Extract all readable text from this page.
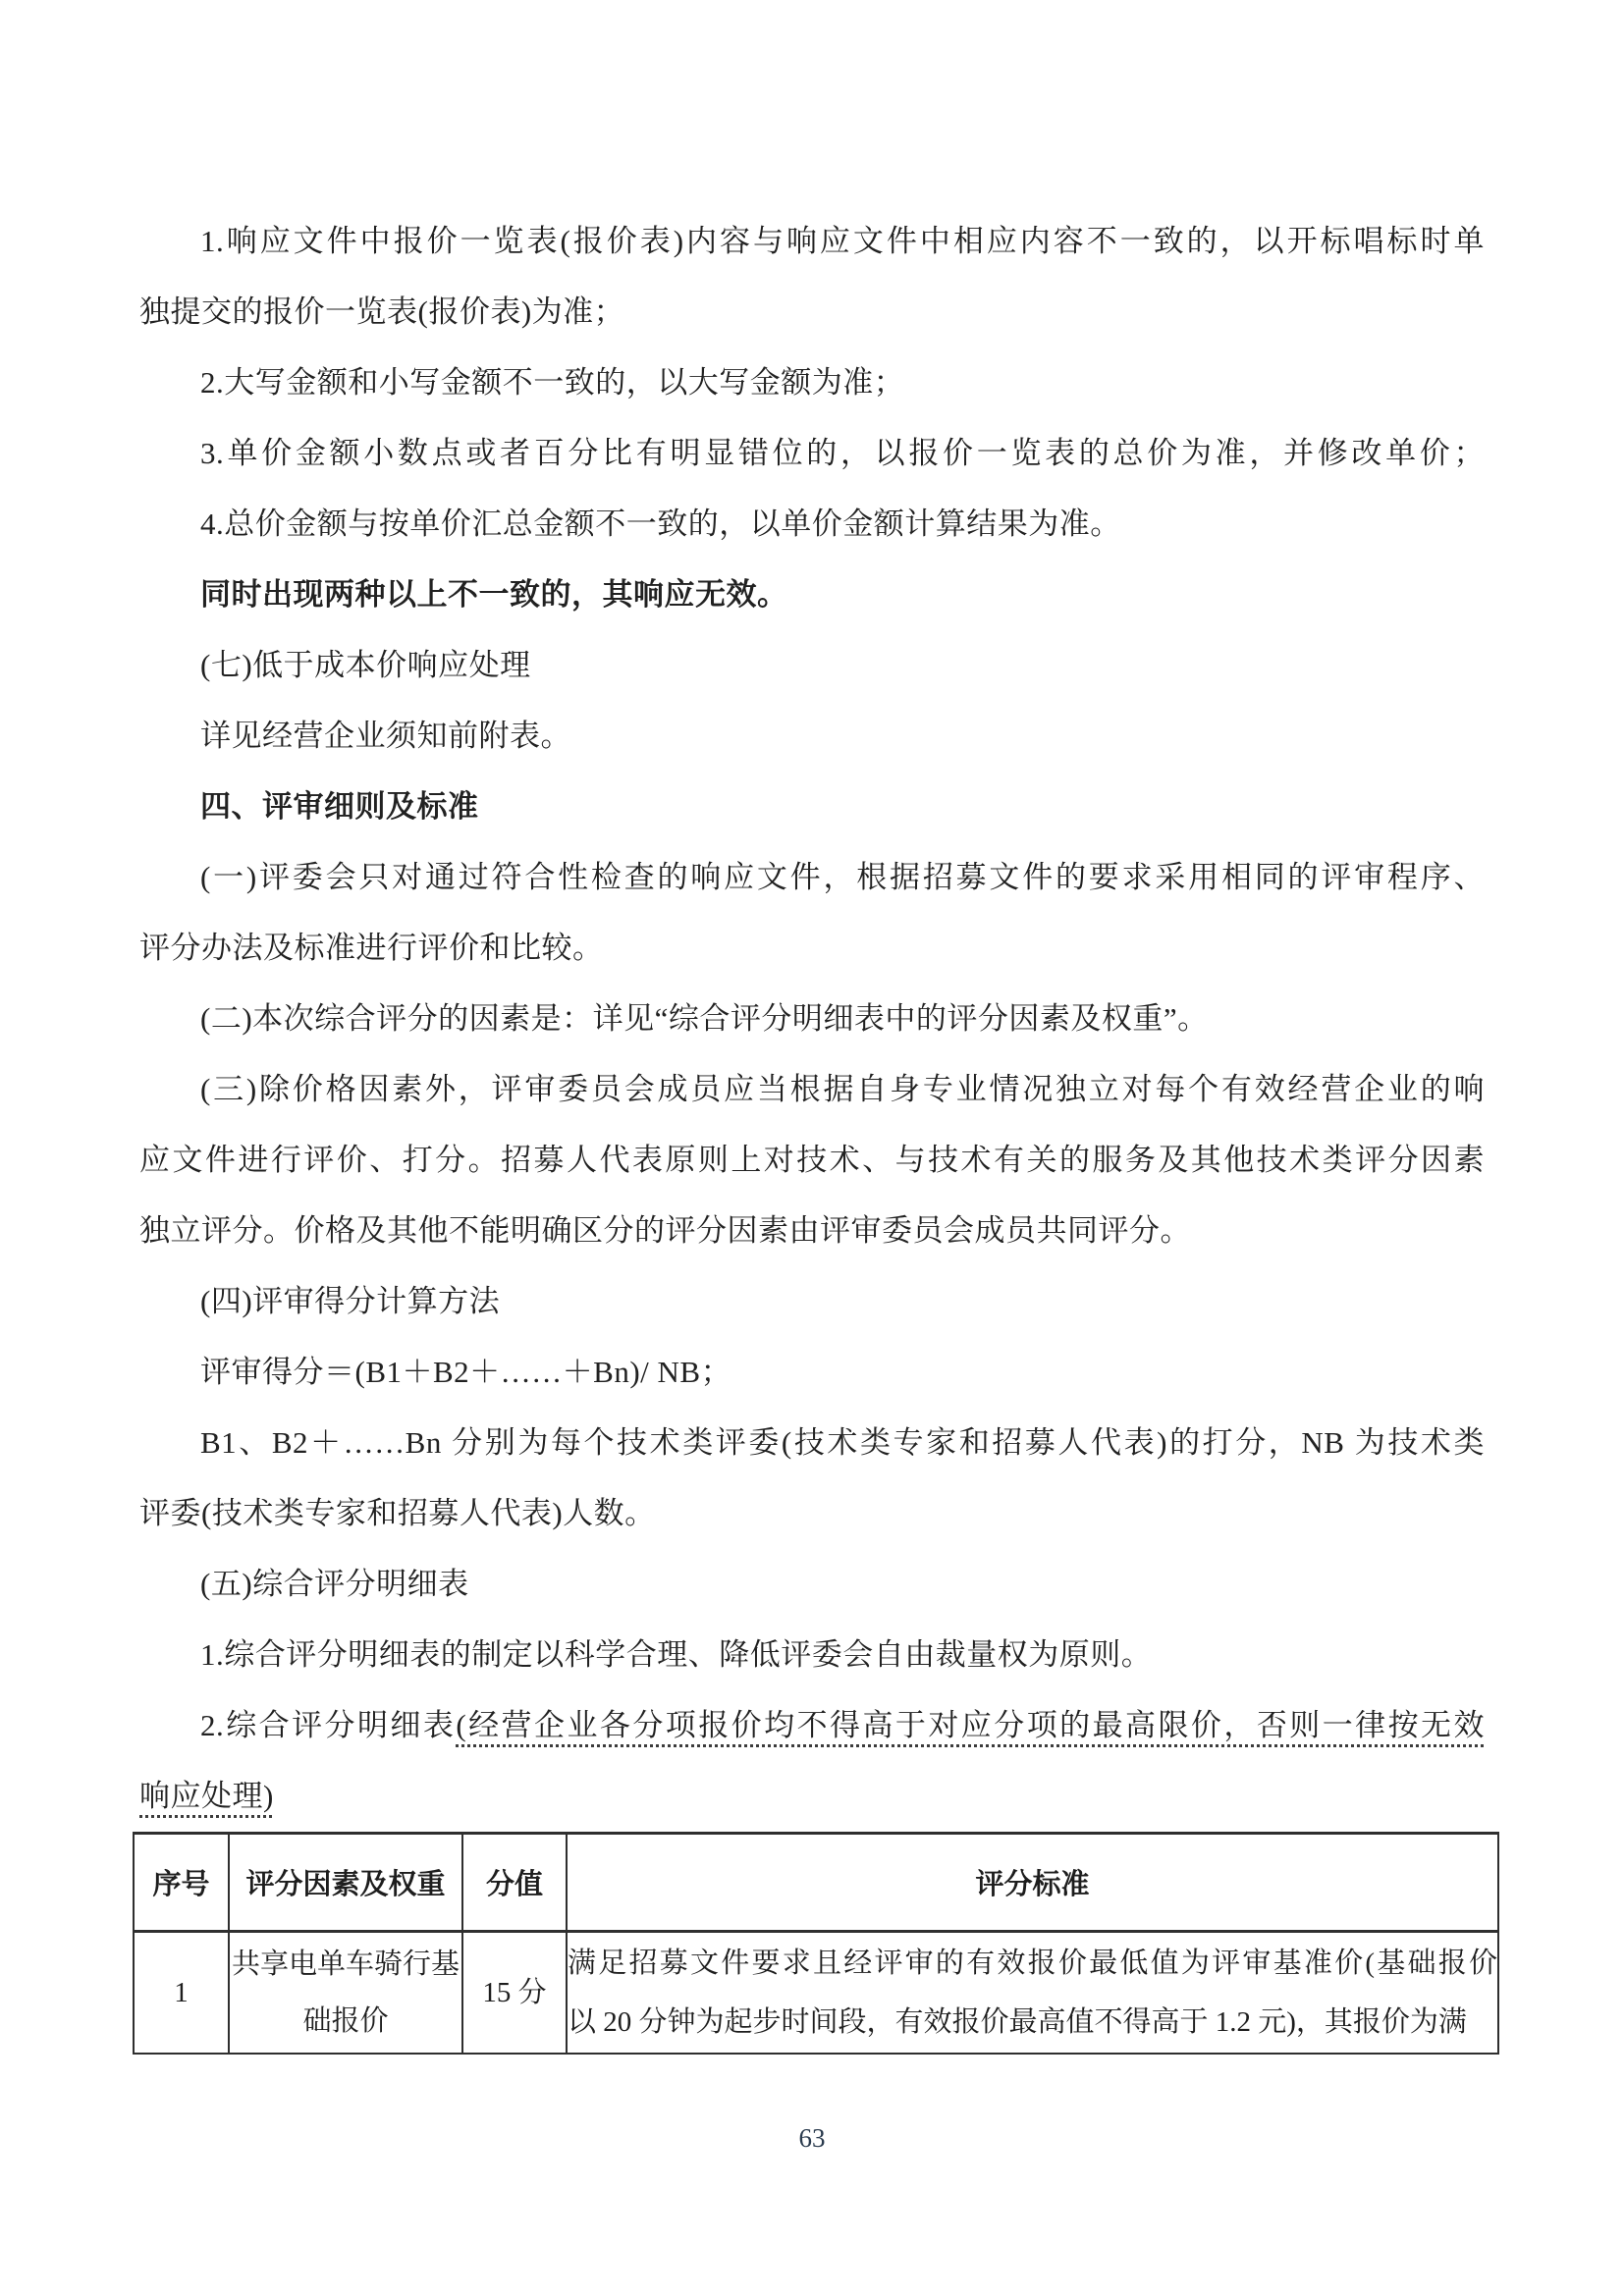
1.响应文件中报价一览表(报价表)内容与响应文件中相应内容不一致的，以开标唱标时单
独提交的报价一览表(报价表)为准；
2.大写金额和小写金额不一致的，以大写金额为准；
3.单价金额小数点或者百分比有明显错位的，以报价一览表的总价为准，并修改单价；
4.总价金额与按单价汇总金额不一致的，以单价金额计算结果为准。
同时出现两种以上不一致的，其响应无效。
(七)低于成本价响应处理
详见经营企业须知前附表。
四、评审细则及标准
(一)评委会只对通过符合性检查的响应文件，根据招募文件的要求采用相同的评审程序、
评分办法及标准进行评价和比较。
(二)本次综合评分的因素是：详见“综合评分明细表中的评分因素及权重”。
(三)除价格因素外，评审委员会成员应当根据自身专业情况独立对每个有效经营企业的响
应文件进行评价、打分。招募人代表原则上对技术、与技术有关的服务及其他技术类评分因素
独立评分。价格及其他不能明确区分的评分因素由评审委员会成员共同评分。
(四)评审得分计算方法
评审得分＝(B1＋B2＋……＋Bn)/ NB；
B1、B2＋……Bn 分别为每个技术类评委(技术类专家和招募人代表)的打分，NB 为技术类
评委(技术类专家和招募人代表)人数。
(五)综合评分明细表
1.综合评分明细表的制定以科学合理、降低评委会自由裁量权为原则。
2.综合评分明细表(经营企业各分项报价均不得高于对应分项的最高限价，否则一律按无效
响应处理)
序号	评分因素及权重	分值	评分标准
1	共享电单车骑行基础报价	15 分	满足招募文件要求且经评审的有效报价最低值为评审基准价(基础报价
以 20 分钟为起步时间段，有效报价最高值不得高于 1.2 元)，其报价为满
63
